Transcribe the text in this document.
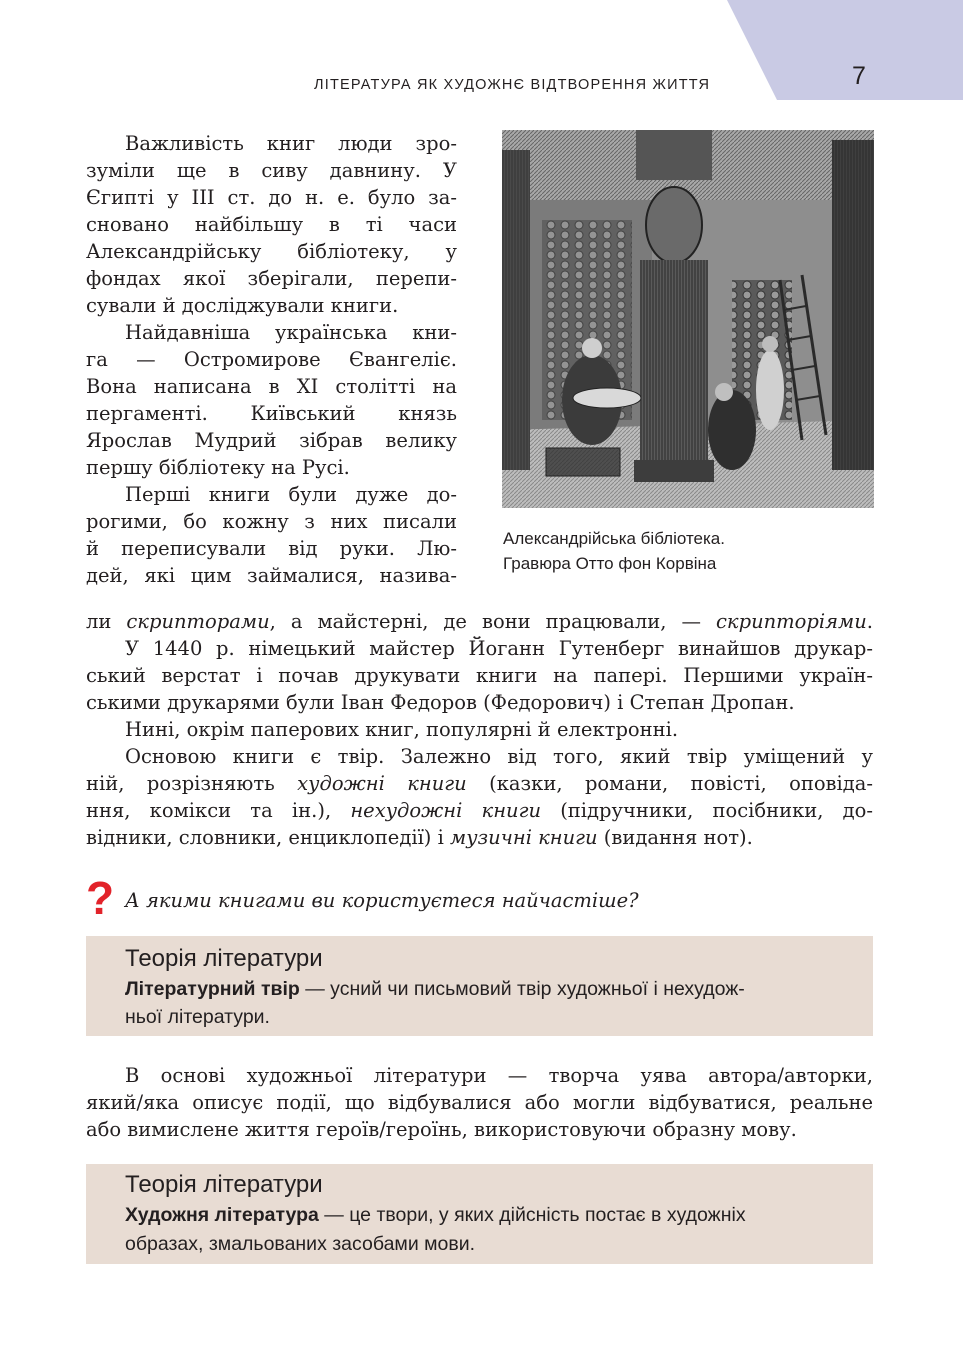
7
ЛІТЕРАТУРА ЯК ХУДОЖНЄ ВІДТВОРЕННЯ ЖИТТЯ
Александрійська бібліотека.
Гравюра Отто фон Корвіна
Важливість книг люди зро-
зуміли ще в сиву давнину. У
Єгипті у III ст. до н. е. було за-
сновано найбільшу в ті часи
Александрійську бібліотеку, у
фондах якої зберігали, перепи-
сували й досліджували книги.
Найдавніша українська кни-
га — Остромирове Євангеліє.
Вона написана в XI столітті на
пергаменті. Київський князь
Ярослав Мудрий зібрав велику
першу бібліотеку на Русі.
Перші книги були дуже до-
рогими, бо кожну з них писали
й переписували від руки. Лю-
дей, які цим займалися, назива-
ли скрипторами, а майстерні, де вони працювали, — скрипторіями.
У 1440 р. німецький майстер Йоганн Гутенберг винайшов друкар-
ський верстат і почав друкувати книги на папері. Першими україн-
ськими друкарями були Іван Федоров (Федорович) і Степан Дропан.
Нині, окрім паперових книг, популярні й електронні.
Основою книги є твір. Залежно від того, який твір уміщений у
ній, розрізняють художні книги (казки, романи, повісті, оповіда-
ння, комікси та ін.), нехудожні книги (підручники, посібники, до-
відники, словники, енциклопедії) і музичні книги (видання нот).
? А якими книгами ви користуєтеся найчастіше?
Теорія літератури
Літературний твір — усний чи письмовий твір художньої і нехудож-
ньої літератури.
В основі художньої літератури — творча уява автора/авторки,
який/яка описує події, що відбувалися або могли відбуватися, реальне
або вимислене життя героїв/героїнь, використовуючи образну мову.
Теорія літератури
Художня література — це твори, у яких дійсність постає в художніх
образах, змальованих засобами мови.
